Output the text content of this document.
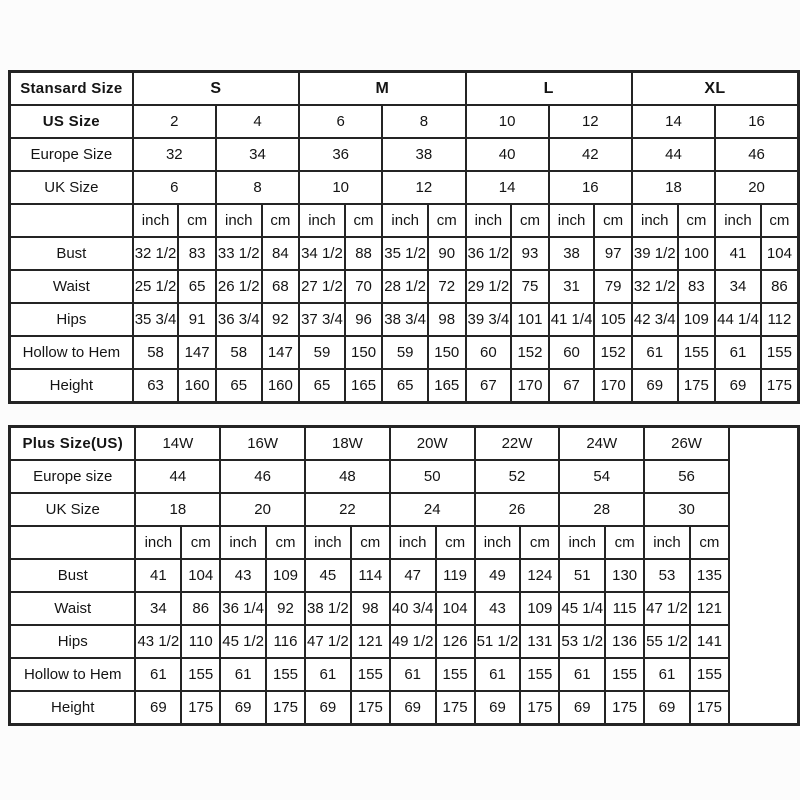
Stansard Size	S				M				L				XL			
US Size	2		4		6		8		10		12		14		16	
Europe Size	32		34		36		38		40		42		44		46	
UK Size	6		8		10		12		14		16		18		20	
	inch	cm	inch	cm	inch	cm	inch	cm	inch	cm	inch	cm	inch	cm	inch	cm
Bust	32 1/2	83	33 1/2	84	34 1/2	88	35 1/2	90	36 1/2	93	38	97	39 1/2	100	41	104
Waist	25 1/2	65	26 1/2	68	27 1/2	70	28 1/2	72	29 1/2	75	31	79	32 1/2	83	34	86
Hips	35 3/4	91	36 3/4	92	37 3/4	96	38 3/4	98	39 3/4	101	41 1/4	105	42 3/4	109	44 1/4	112
Hollow to Hem	58	147	58	147	59	150	59	150	60	152	60	152	61	155	61	155
Height	63	160	65	160	65	165	65	165	67	170	67	170	69	175	69	175
Plus Size(US)	14W		16W		18W		20W		22W		24W		26W		
Europe size	44		46		48		50		52		54		56		
UK Size	18		20		22		24		26		28		30		
	inch	cm	inch	cm	inch	cm	inch	cm	inch	cm	inch	cm	inch	cm	
Bust	41	104	43	109	45	114	47	119	49	124	51	130	53	135	
Waist	34	86	36 1/4	92	38 1/2	98	40 3/4	104	43	109	45 1/4	115	47 1/2	121	
Hips	43 1/2	110	45 1/2	116	47 1/2	121	49 1/2	126	51 1/2	131	53 1/2	136	55 1/2	141	
Hollow to Hem	61	155	61	155	61	155	61	155	61	155	61	155	61	155	
Height	69	175	69	175	69	175	69	175	69	175	69	175	69	175	
